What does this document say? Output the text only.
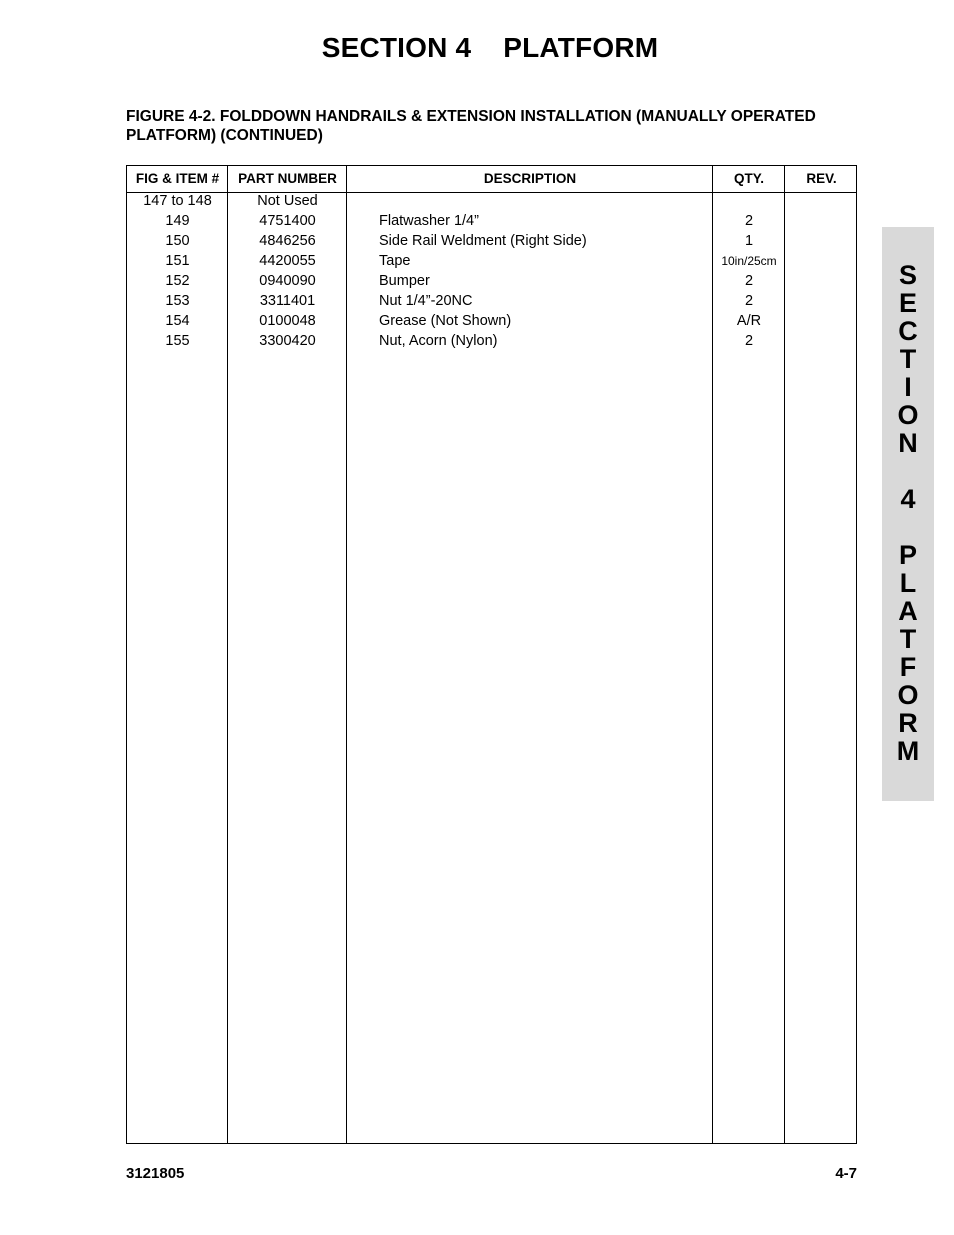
SECTION 4    PLATFORM
FIGURE 4-2. FOLDDOWN HANDRAILS & EXTENSION INSTALLATION (MANUALLY OPERATED PLATFORM) (CONTINUED)
FIG & ITEM #	PART NUMBER	DESCRIPTION	QTY.	REV.
147 to 148	Not Used
149	4751400	Flatwasher 1/4”	2
150	4846256	Side Rail Weldment (Right Side)	1
151	4420055	Tape	10in/25cm
152	0940090	Bumper	2
153	3311401	Nut 1/4”-20NC	2
154	0100048	Grease (Not Shown)	A/R
155	3300420	Nut, Acorn (Nylon)	2
S
E
C
T
I
O
N
4
P
L
A
T
F
O
R
M
3121805	4-7
